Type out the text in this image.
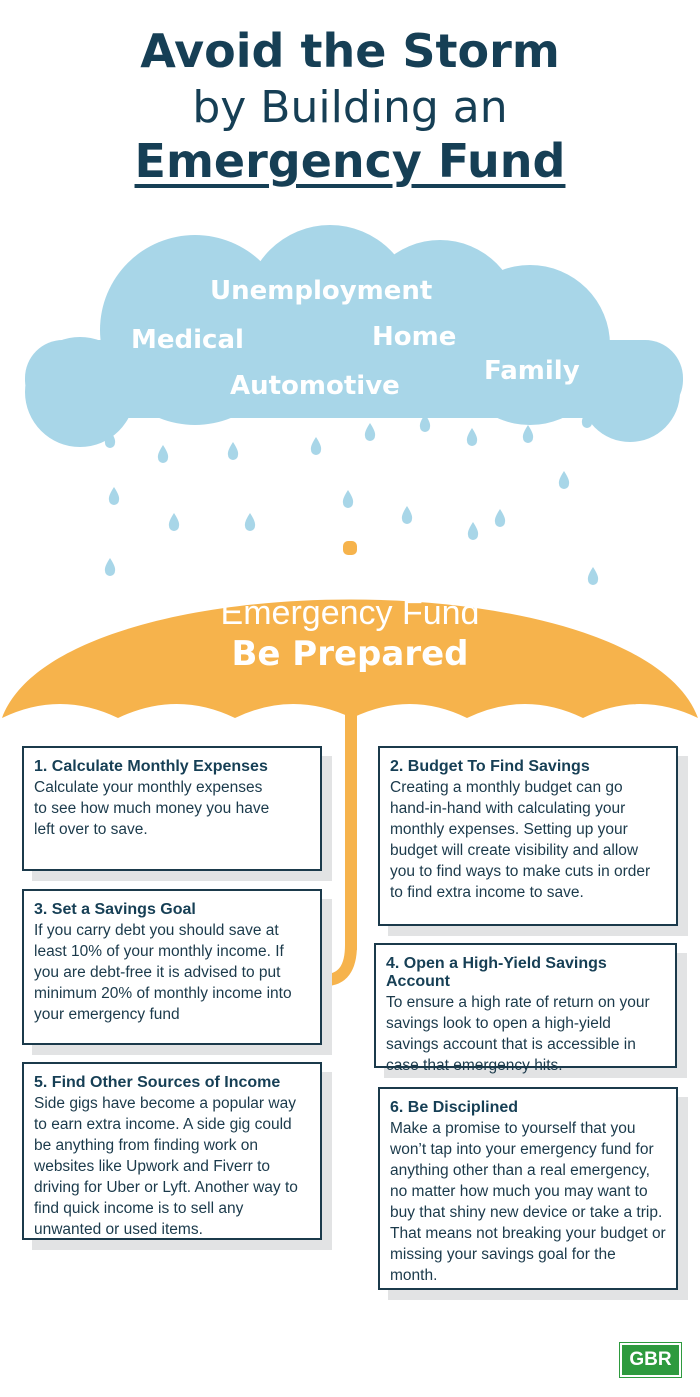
Avoid the Storm
by Building an
Emergency Fund
Unemployment
Medical	Home
Family
Automotive
Emergency Fund
Be Prepared
1. Calculate Monthly Expenses

Calculate your monthly expenses to see how much money you have left over to save.

2. Budget To Find Savings

Creating a monthly budget can go hand-in-hand with calculating your monthly expenses. Setting up your budget will create visibility and allow you to find ways to make cuts in order to find extra income to save.

3. Set a Savings Goal

If you carry debt you should save at least 10% of your monthly income. If you are debt-free it is advised to put minimum 20% of monthly income into your emergency fund

4. Open a High-Yield Savings Account

To ensure a high rate of return on your savings look to open a high-yield savings account that is accessible in case that emergency hits.

5. Find Other Sources of Income

Side gigs have become a popular way to earn extra income. A side gig could be anything from finding work on websites like Upwork and Fiverr to driving for Uber or Lyft. Another way to find quick income is to sell any unwanted or used items.

6. Be Disciplined

Make a promise to yourself that you won’t tap into your emergency fund for anything other than a real emergency, no matter how much you may want to buy that shiny new device or take a trip. That means not breaking your budget or missing your savings goal for the month.

GBR
